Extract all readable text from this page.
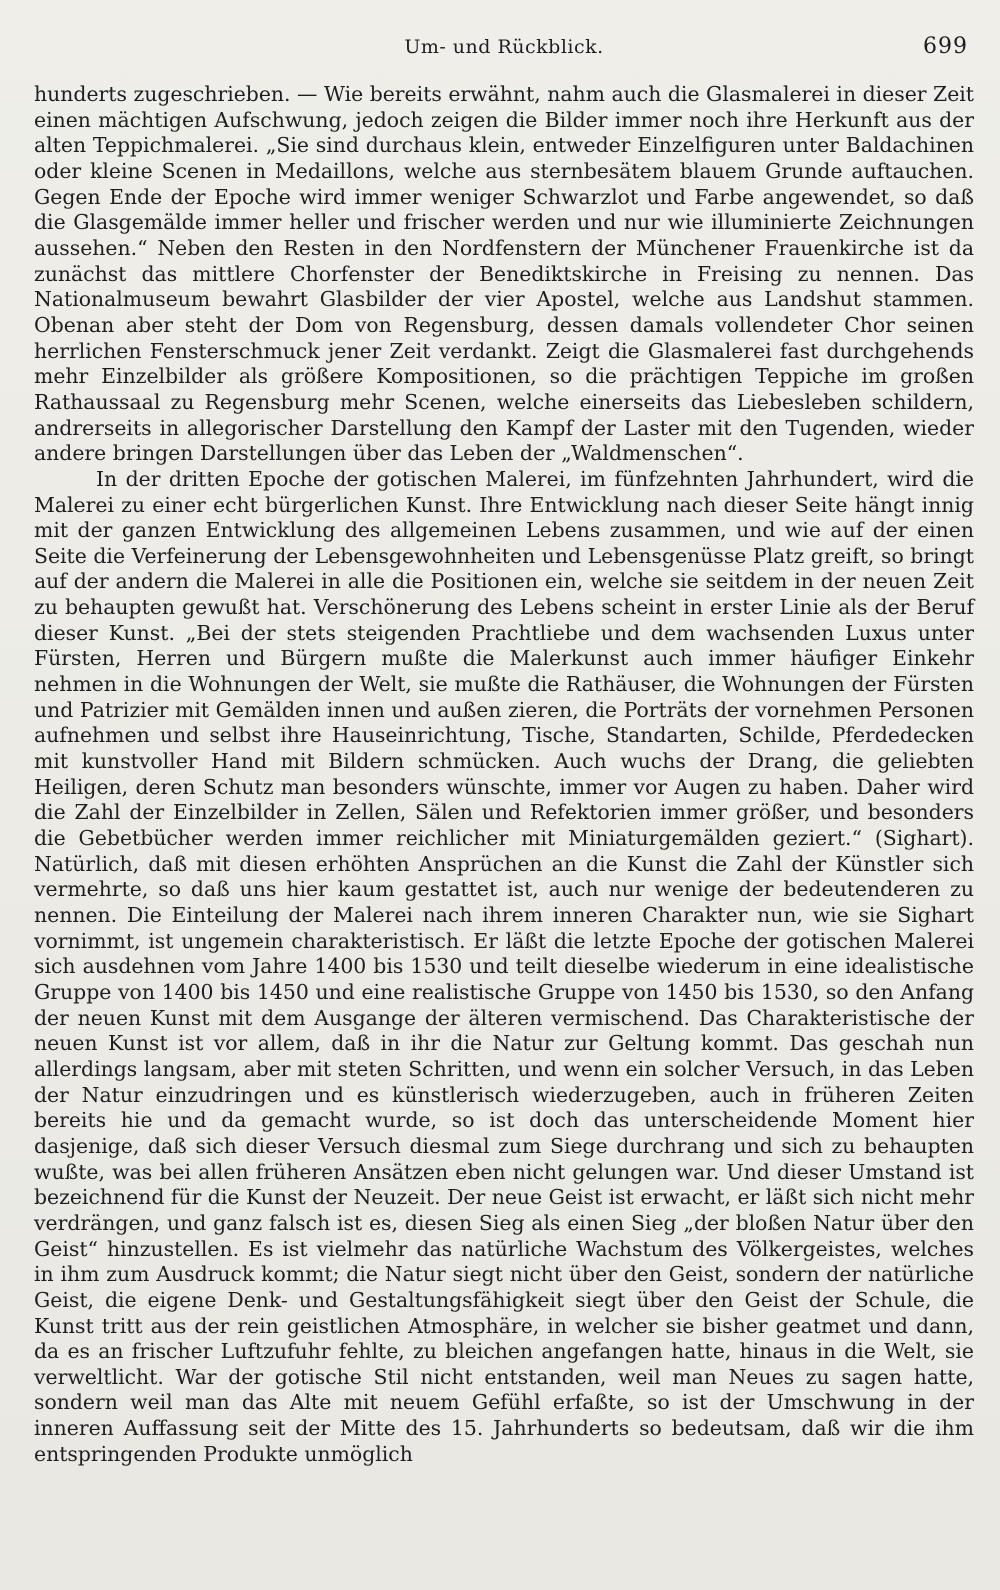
Um- und Rückblick.	699

hunderts zugeschrieben. — Wie bereits erwähnt, nahm auch die Glasmalerei in dieser Zeit einen mächtigen Aufschwung, jedoch zeigen die Bilder immer noch ihre Herkunft aus der alten Teppichmalerei. „Sie sind durchaus klein, entweder Einzelfiguren unter Baldachinen oder kleine Scenen in Medaillons, welche aus sternbesätem blauem Grunde auftauchen. Gegen Ende der Epoche wird immer weniger Schwarzlot und Farbe angewendet, so daß die Glasgemälde immer heller und frischer werden und nur wie illuminierte Zeichnungen aussehen.“ Neben den Resten in den Nordfenstern der Münchener Frauenkirche ist da zunächst das mittlere Chorfenster der Benediktskirche in Freising zu nennen. Das Nationalmuseum bewahrt Glasbilder der vier Apostel, welche aus Landshut stammen. Obenan aber steht der Dom von Regensburg, dessen damals vollendeter Chor seinen herrlichen Fensterschmuck jener Zeit verdankt. Zeigt die Glasmalerei fast durchgehends mehr Einzelbilder als größere Kompositionen, so die prächtigen Teppiche im großen Rathaussaal zu Regensburg mehr Scenen, welche einerseits das Liebesleben schildern, andrerseits in allegorischer Darstellung den Kampf der Laster mit den Tugenden, wieder andere bringen Darstellungen über das Leben der „Waldmenschen“.

In der dritten Epoche der gotischen Malerei, im fünfzehnten Jahrhundert, wird die Malerei zu einer echt bürgerlichen Kunst. Ihre Entwicklung nach dieser Seite hängt innig mit der ganzen Entwicklung des allgemeinen Lebens zusammen, und wie auf der einen Seite die Verfeinerung der Lebensgewohnheiten und Lebensgenüsse Platz greift, so bringt auf der andern die Malerei in alle die Positionen ein, welche sie seitdem in der neuen Zeit zu behaupten gewußt hat. Verschönerung des Lebens scheint in erster Linie als der Beruf dieser Kunst. „Bei der stets steigenden Prachtliebe und dem wachsenden Luxus unter Fürsten, Herren und Bürgern mußte die Malerkunst auch immer häufiger Einkehr nehmen in die Wohnungen der Welt, sie mußte die Rathäuser, die Wohnungen der Fürsten und Patrizier mit Gemälden innen und außen zieren, die Porträts der vornehmen Personen aufnehmen und selbst ihre Hauseinrichtung, Tische, Standarten, Schilde, Pferdedecken mit kunstvoller Hand mit Bildern schmücken. Auch wuchs der Drang, die geliebten Heiligen, deren Schutz man besonders wünschte, immer vor Augen zu haben. Daher wird die Zahl der Einzelbilder in Zellen, Sälen und Refektorien immer größer, und besonders die Gebetbücher werden immer reichlicher mit Miniaturgemälden geziert.“ (Sighart). Natürlich, daß mit diesen erhöhten Ansprüchen an die Kunst die Zahl der Künstler sich vermehrte, so daß uns hier kaum gestattet ist, auch nur wenige der bedeutenderen zu nennen. Die Einteilung der Malerei nach ihrem inneren Charakter nun, wie sie Sighart vornimmt, ist ungemein charakteristisch. Er läßt die letzte Epoche der gotischen Malerei sich ausdehnen vom Jahre 1400 bis 1530 und teilt dieselbe wiederum in eine idealistische Gruppe von 1400 bis 1450 und eine realistische Gruppe von 1450 bis 1530, so den Anfang der neuen Kunst mit dem Ausgange der älteren vermischend. Das Charakteristische der neuen Kunst ist vor allem, daß in ihr die Natur zur Geltung kommt. Das geschah nun allerdings langsam, aber mit steten Schritten, und wenn ein solcher Versuch, in das Leben der Natur einzudringen und es künstlerisch wiederzugeben, auch in früheren Zeiten bereits hie und da gemacht wurde, so ist doch das unterscheidende Moment hier dasjenige, daß sich dieser Versuch diesmal zum Siege durchrang und sich zu behaupten wußte, was bei allen früheren Ansätzen eben nicht gelungen war. Und dieser Umstand ist bezeichnend für die Kunst der Neuzeit. Der neue Geist ist erwacht, er läßt sich nicht mehr verdrängen, und ganz falsch ist es, diesen Sieg als einen Sieg „der bloßen Natur über den Geist“ hinzustellen. Es ist vielmehr das natürliche Wachstum des Völkergeistes, welches in ihm zum Ausdruck kommt; die Natur siegt nicht über den Geist, sondern der natürliche Geist, die eigene Denk- und Gestaltungsfähigkeit siegt über den Geist der Schule, die Kunst tritt aus der rein geistlichen Atmosphäre, in welcher sie bisher geatmet und dann, da es an frischer Luftzufuhr fehlte, zu bleichen angefangen hatte, hinaus in die Welt, sie verweltlicht. War der gotische Stil nicht entstanden, weil man Neues zu sagen hatte, sondern weil man das Alte mit neuem Gefühl erfaßte, so ist der Umschwung in der inneren Auffassung seit der Mitte des 15. Jahrhunderts so bedeutsam, daß wir die ihm entspringenden Produkte unmöglich
